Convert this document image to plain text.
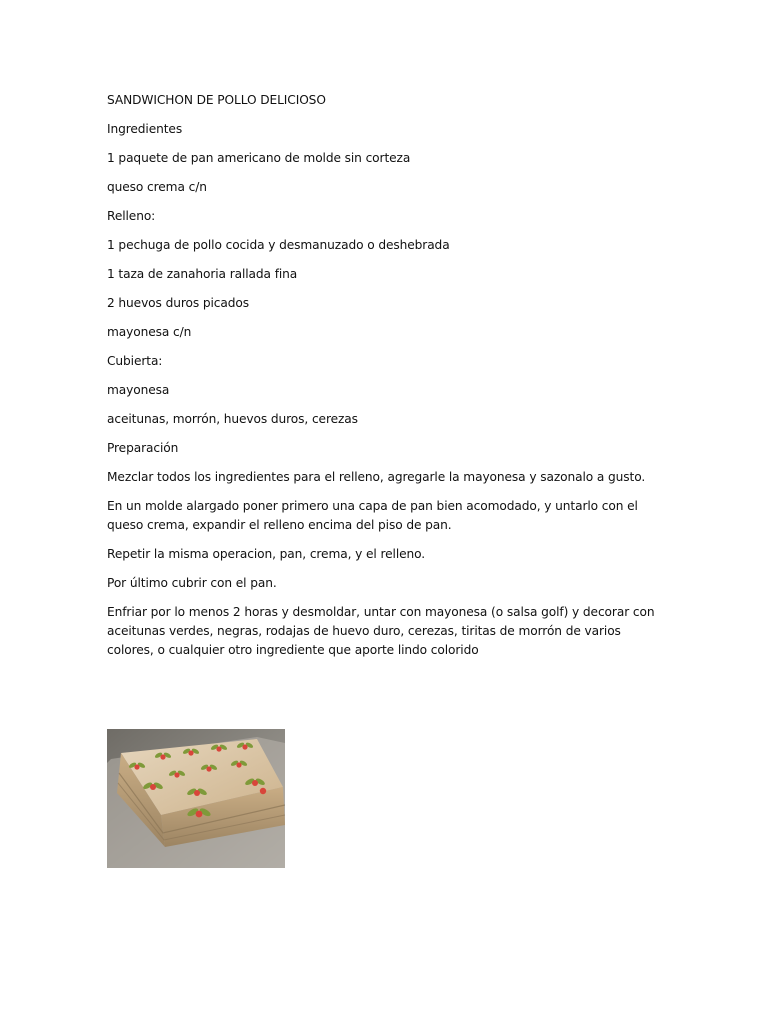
SANDWICHON DE POLLO DELICIOSO

Ingredientes

1 paquete de pan americano de molde sin corteza

queso crema c/n

Relleno:

1 pechuga de pollo cocida y desmanuzado o deshebrada

1 taza de zanahoria rallada fina

2 huevos duros picados

mayonesa c/n

Cubierta:

mayonesa

aceitunas, morrón, huevos duros, cerezas

Preparación

Mezclar todos los ingredientes para el relleno, agregarle la mayonesa y sazonalo a gusto.

En un molde alargado poner primero una capa de pan bien acomodado, y untarlo con el queso crema, expandir el relleno encima del piso de pan.

Repetir la misma operacion, pan, crema, y el relleno.

Por último cubrir con el pan.

Enfriar por lo menos 2 horas y desmoldar, untar con mayonesa (o salsa golf) y decorar con aceitunas verdes, negras, rodajas de huevo duro, cerezas, tiritas de morrón de varios colores, o cualquier otro ingrediente que aporte lindo colorido
